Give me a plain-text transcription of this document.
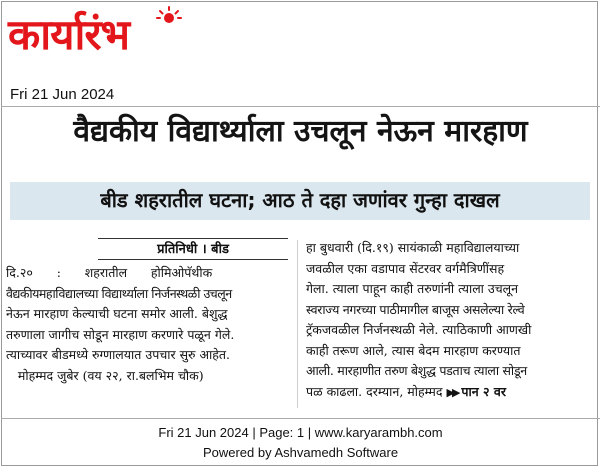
कार्यारंभ
Fri 21 Jun 2024
वैद्यकीय विद्यार्थ्याला उचलून नेऊन मारहाण
बीड शहरातील घटना; आठ ते दहा जणांवर गुन्हा दाखल
प्रतिनिधी । बीड

दि.२०      :      शहरातील      होमिओपॅथीक

वैद्यकीयमहाविद्यालच्या विद्यार्थ्याला निर्जनस्थळी उचलून

नेऊन मारहाण केल्याची घटना समोर आली. बेशुद्ध

तरुणाला जागीच सोडून मारहाण करणारे पळून गेले.

त्याच्यावर बीडमध्ये रुग्णालयात उपचार सुरु आहेत.

मोहम्मद जुबेर (वय २२, रा.बलभिम चौक)

हा बुधवारी (दि.१९) सायंकाळी महाविद्यालयाच्या

जवळील एका वडापाव सेंटरवर वर्गमैत्रिणींसह

गेला. त्याला पाहून काही तरुणांनी त्याला उचलून

स्वराज्य नगरच्या पाठीमागील बाजूस असलेल्या रेल्वे

ट्रॅकजवळील निर्जनस्थळी नेले. त्याठिकाणी आणखी

काही तरूण आले, त्यास बेदम मारहाण करण्यात

आली. मारहाणीत तरुण बेशुद्ध पडताच त्याला सोडून

पळ काढला. दरम्यान, मोहम्मद ▶▶ पान २ वर

Fri 21 Jun 2024 | Page: 1 | www.karyarambh.com
Powered by Ashvamedh Software
